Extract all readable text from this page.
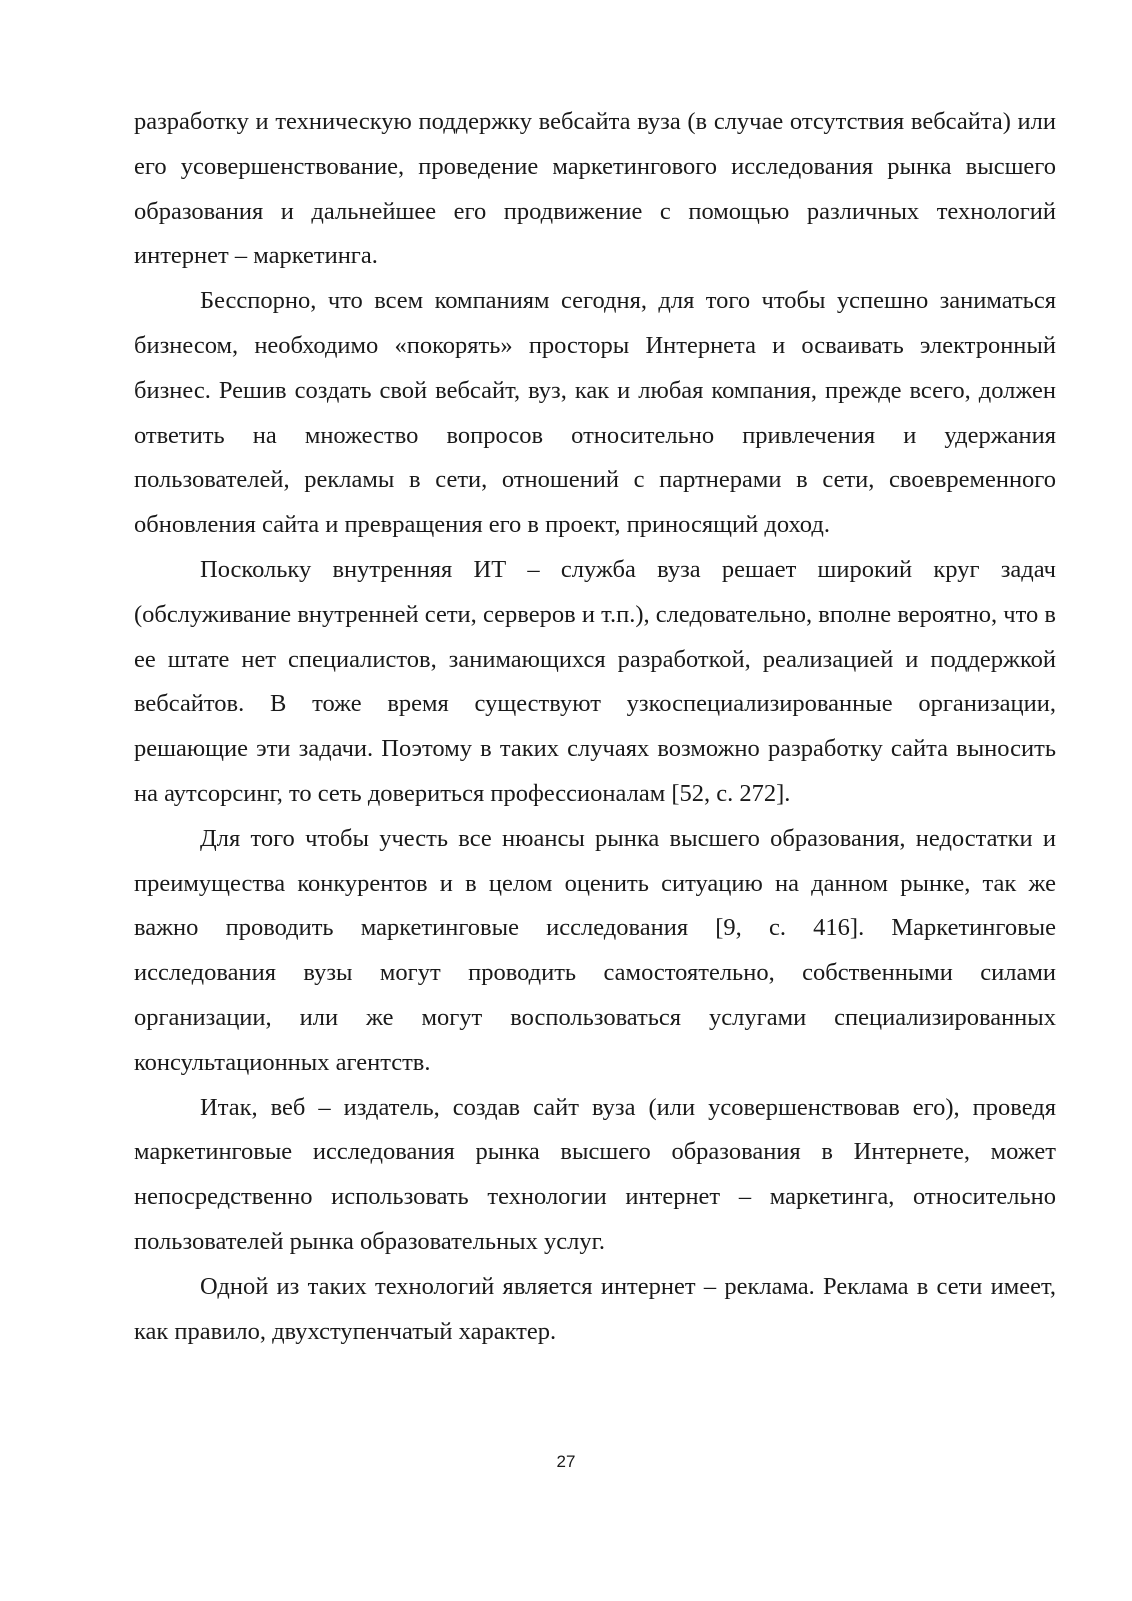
разработку и техническую поддержку вебсайта вуза (в случае отсутствия вебсайта) или его усовершенствование, проведение маркетингового исследования рынка высшего образования и дальнейшее его продвижение с помощью различных технологий интернет – маркетинга.

Бесспорно, что всем компаниям сегодня, для того чтобы успешно заниматься бизнесом, необходимо «покорять» просторы Интернета и осваивать электронный бизнес. Решив создать свой вебсайт, вуз, как и любая компания, прежде всего, должен ответить на множество вопросов относительно привлечения и удержания пользователей, рекламы в сети, отношений с партнерами в сети, своевременного обновления сайта и превращения его в проект, приносящий доход.

Поскольку внутренняя ИТ – служба вуза решает широкий круг задач (обслуживание внутренней сети, серверов и т.п.), следовательно, вполне вероятно, что в ее штате нет специалистов, занимающихся разработкой, реализацией и поддержкой вебсайтов. В тоже время существуют узкоспециализированные организации, решающие эти задачи. Поэтому в таких случаях возможно разработку сайта выносить на аутсорсинг, то сеть довериться профессионалам [52, с. 272].

Для того чтобы учесть все нюансы рынка высшего образования, недостатки и преимущества конкурентов и в целом оценить ситуацию на данном рынке, так же важно проводить маркетинговые исследования [9, с. 416]. Маркетинговые исследования вузы могут проводить самостоятельно, собственными силами организации, или же могут воспользоваться услугами специализированных консультационных агентств.

Итак, веб – издатель, создав сайт вуза (или усовершенствовав его), проведя маркетинговые исследования рынка высшего образования в Интернете, может непосредственно использовать технологии интернет – маркетинга, относительно пользователей рынка образовательных услуг.

Одной из таких технологий является интернет – реклама. Реклама в сети имеет, как правило, двухступенчатый характер.

27
